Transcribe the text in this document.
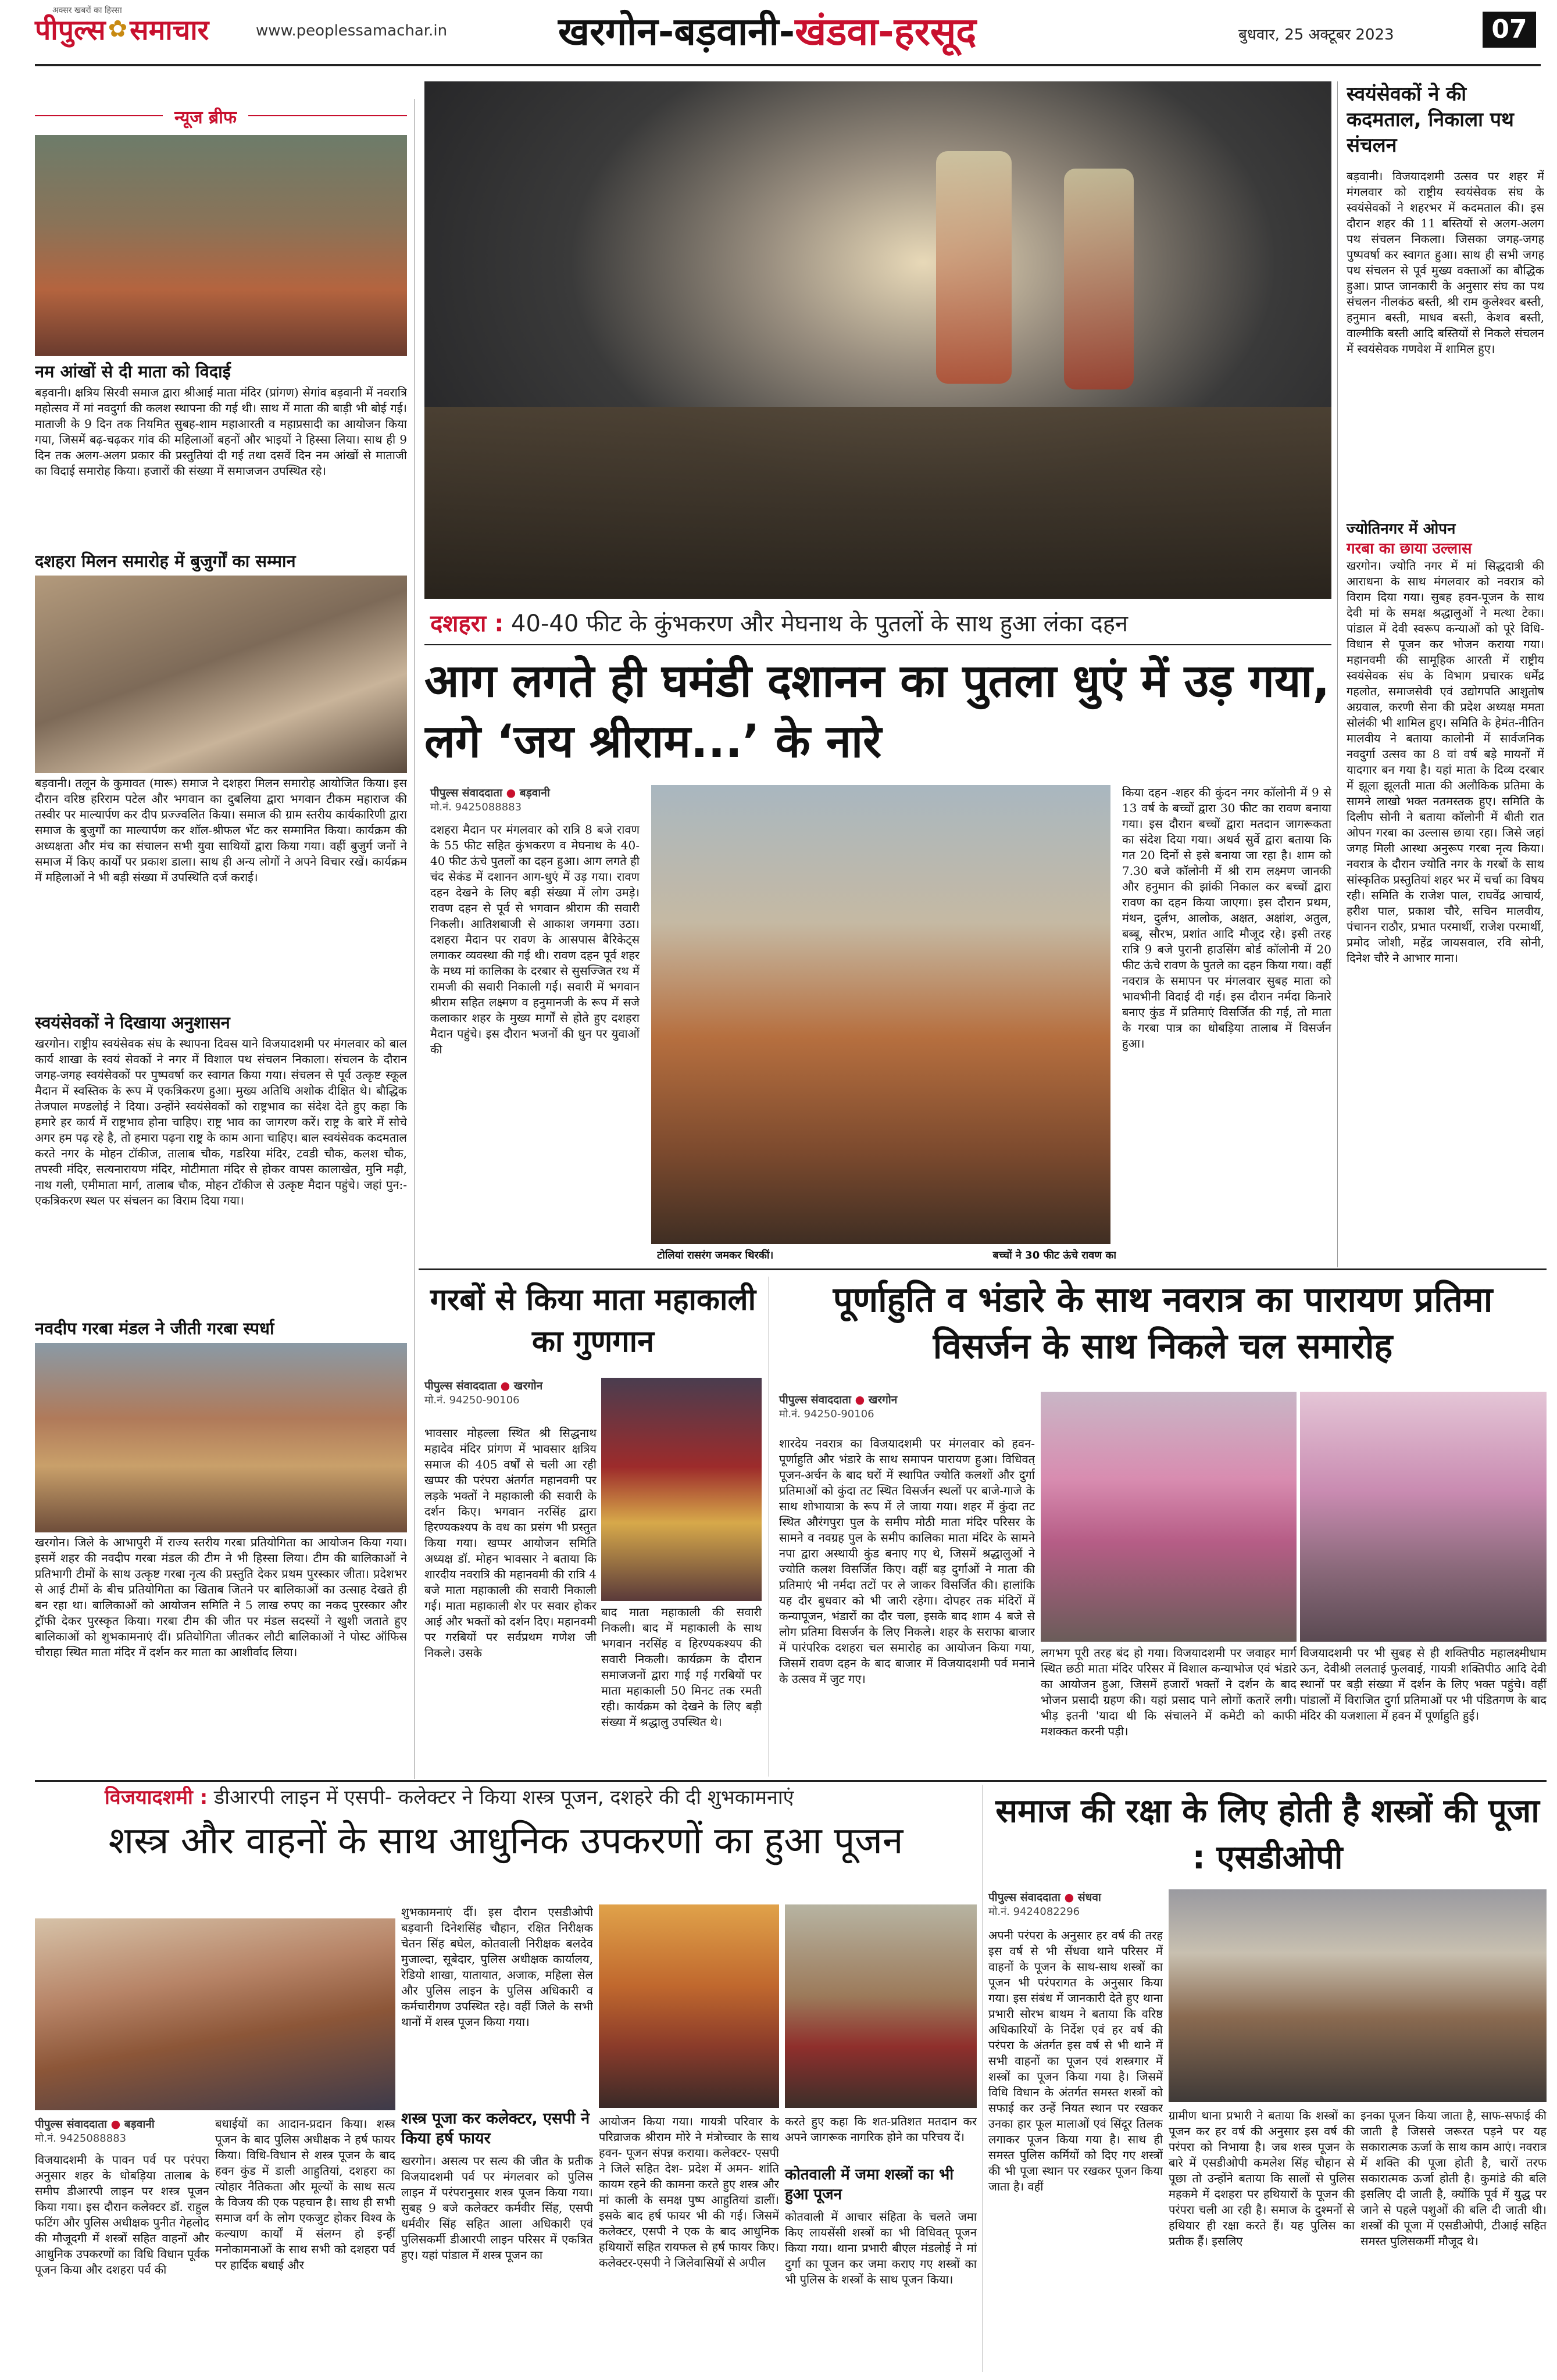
अक्सर खबरों का हिस्सा
पीपुल्स ✿ समाचार	www.peoplessamachar.in	खरगोन-बड़वानी-खंडवा-हरसूद	बुधवार, 25 अक्टूबर 2023	07
न्यूज ब्रीफ
नम आंखों से दी माता को विदाई
बड़वानी। क्षत्रिय सिरवी समाज द्वारा श्रीआई माता मंदिर (प्रांगण) सेगांव बड़वानी में नवरात्रि महोत्सव में मां नवदुर्गा की कलश स्थापना की गई थी। साथ में माता की बाड़ी भी बोई गई। माताजी के 9 दिन तक नियमित सुबह-शाम महाआरती व महाप्रसादी का आयोजन किया गया, जिसमें बढ़-चढ़कर गांव की महिलाओं बहनों और भाइयों ने हिस्सा लिया। साथ ही 9 दिन तक अलग-अलग प्रकार की प्रस्तुतियां दी गई तथा दसवें दिन नम आंखों से माताजी का विदाई समारोह किया। हजारों की संख्या में समाजजन उपस्थित रहे।
दशहरा मिलन समारोह में बुजुर्गों का सम्मान
बड़वानी। तलून के कुमावत (मारू) समाज ने दशहरा मिलन समारोह आयोजित किया। इस दौरान वरिष्ठ हरिराम पटेल और भगवान का दुबलिया द्वारा भगवान टीकम महाराज की तस्वीर पर माल्यार्पण कर दीप प्रज्ज्वलित किया। समाज की ग्राम स्तरीय कार्यकारिणी द्वारा समाज के बुजुर्गों का माल्यार्पण कर शॉल-श्रीफल भेंट कर सम्मानित किया। कार्यक्रम की अध्यक्षता और मंच का संचालन सभी युवा साथियों द्वारा किया गया। वहीं बुजुर्ग जनों ने समाज में किए कार्यों पर प्रकाश डाला। साथ ही अन्य लोगों ने अपने विचार रखें। कार्यक्रम में महिलाओं ने भी बड़ी संख्या में उपस्थिति दर्ज कराई।
स्वयंसेवकों ने दिखाया अनुशासन
खरगोन। राष्ट्रीय स्वयंसेवक संघ के स्थापना दिवस याने विजयादशमी पर मंगलवार को बाल कार्य शाखा के स्वयं सेवकों ने नगर में विशाल पथ संचलन निकाला। संचलन के दौरान जगह-जगह स्वयंसेवकों पर पुष्पवर्षा कर स्वागत किया गया। संचलन से पूर्व उत्कृष्ट स्कूल मैदान में स्वस्तिक के रूप में एकत्रिकरण हुआ। मुख्य अतिथि अशोक दीक्षित थे। बौद्धिक तेजपाल मण्डलोई ने दिया। उन्होंने स्वयंसेवकों को राष्ट्रभाव का संदेश देते हुए कहा कि हमारे हर कार्य में राष्ट्रभाव होना चाहिए। राष्ट्र भाव का जागरण करें। राष्ट्र के बारे में सोचे अगर हम पढ़ रहे है, तो हमारा पढ़ना राष्ट्र के काम आना चाहिए। बाल स्वयंसेवक कदमताल करते नगर के मोहन टॉकीज, तालाब चौक, गडरिया मंदिर, टवडी चौक, कलश चौक, तपस्वी मंदिर, सत्यनारायण मंदिर, मोटीमाता मंदिर से होकर वापस कालाखेत, मुनि मढ़ी, नाथ गली, एमीमाता मार्ग, तालाब चौक, मोहन टॉकीज से उत्कृष्ट मैदान पहुंचे। जहां पुन:-एकत्रिकरण स्थल पर संचलन का विराम दिया गया।
नवदीप गरबा मंडल ने जीती गरबा स्पर्धा
खरगोन। जिले के आभापुरी में राज्य स्तरीय गरबा प्रतियोगिता का आयोजन किया गया। इसमें शहर की नवदीप गरबा मंडल की टीम ने भी हिस्सा लिया। टीम की बालिकाओं ने प्रतिभागी टीमों के साथ उत्कृष्ट गरबा नृत्य की प्रस्तुति देकर प्रथम पुरस्कार जीता। प्रदेशभर से आई टीमों के बीच प्रतियोगिता का खिताब जितने पर बालिकाओं का उत्साह देखते ही बन रहा था। बालिकाओं को आयोजन समिति ने 5 लाख रुपए का नकद पुरस्कार और ट्रॉफी देकर पुरस्कृत किया। गरबा टीम की जीत पर मंडल सदस्यों ने खुशी जताते हुए बालिकाओं को शुभकामनाएं दीं। प्रतियोगिता जीतकर लौटी बालिकाओं ने पोस्ट ऑफिस चौराहा स्थित माता मंदिर में दर्शन कर माता का आशीर्वाद लिया।
दशहरा : 40-40 फीट के कुंभकरण और मेघनाथ के पुतलों के साथ हुआ लंका दहन
आग लगते ही घमंडी दशानन का पुतला धुएं में उड़ गया, लगे ‘जय श्रीराम...’ के नारे
पीपुल्स संवाददाता ● बड़वानी
मो.नं. 9425088883
दशहरा मैदान पर मंगलवार को रात्रि 8 बजे रावण के 55 फीट सहित कुंभकरण व मेघनाथ के 40-40 फीट ऊंचे पुतलों का दहन हुआ। आग लगते ही चंद सेकंड में दशानन आग-धुएं में उड़ गया। रावण दहन देखने के लिए बड़ी संख्या में लोग उमड़े। रावण दहन से पूर्व से भगवान श्रीराम की सवारी निकली। आतिशबाजी से आकाश जगमगा उठा। दशहरा मैदान पर रावण के आसपास बैरिकेट्स लगाकर व्यवस्था की गई थी। रावण दहन पूर्व शहर के मध्य मां कालिका के दरबार से सुसज्जित रथ में रामजी की सवारी निकाली गई। सवारी में भगवान श्रीराम सहित लक्ष्मण व हनुमानजी के रूप में सजे कलाकार शहर के मुख्य मार्गों से होते हुए दशहरा मैदान पहुंचे। इस दौरान भजनों की धुन पर युवाओं की
टोलियां रासरंग जमकर थिरकीं।	बच्चों ने 30 फीट ऊंचे रावण का
किया दहन -शहर की कुंदन नगर कॉलोनी में 9 से 13 वर्ष के बच्चों द्वारा 30 फीट का रावण बनाया गया। इस दौरान बच्चों द्वारा मतदान जागरूकता का संदेश दिया गया। अथर्व सुर्वे द्वारा बताया कि गत 20 दिनों से इसे बनाया जा रहा है। शाम को 7.30 बजे कॉलोनी में श्री राम लक्ष्मण जानकी और हनुमान की झांकी निकाल कर बच्चों द्वारा रावण का दहन किया जाएगा। इस दौरान प्रथम, मंथन, दुर्लभ, आलोक, अक्षत, अक्षांश, अतुल, बब्बू, सौरभ, प्रशांत आदि मौजूद रहे। इसी तरह रात्रि 9 बजे पुरानी हाउसिंग बोर्ड कॉलोनी में 20 फीट ऊंचे रावण के पुतले का दहन किया गया। वहीं नवरात्र के समापन पर मंगलवार सुबह माता को भावभीनी विदाई दी गई। इस दौरान नर्मदा किनारे बनाए कुंड में प्रतिमाएं विसर्जित की गई, तो माता के गरबा पात्र का धोबड़िया तालाब में विसर्जन हुआ।
स्वयंसेवकों ने की कदमताल, निकाला पथ संचलन
बड़वानी। विजयादशमी उत्सव पर शहर में मंगलवार को राष्ट्रीय स्वयंसेवक संघ के स्वयंसेवकों ने शहरभर में कदमताल की। इस दौरान शहर की 11 बस्तियों से अलग-अलग पथ संचलन निकला। जिसका जगह-जगह पुष्पवर्षा कर स्वागत हुआ। साथ ही सभी जगह पथ संचलन से पूर्व मुख्य वक्ताओं का बौद्धिक हुआ। प्राप्त जानकारी के अनुसार संघ का पथ संचलन नीलकंठ बस्ती, श्री राम कुलेश्वर बस्ती, हनुमान बस्ती, माधव बस्ती, केशव बस्ती, वाल्मीकि बस्ती आदि बस्तियों से निकले संचलन में स्वयंसेवक गणवेश में शामिल हुए।
ज्योतिनगर में ओपन
गरबा का छाया उल्लास
खरगोन। ज्योति नगर में मां सिद्धदात्री की आराधना के साथ मंगलवार को नवरात्र को विराम दिया गया। सुबह हवन-पूजन के साथ देवी मां के समक्ष श्रद्धालुओं ने मत्था टेका। पांडाल में देवी स्वरूप कन्याओं को पूरे विधि-विधान से पूजन कर भोजन कराया गया। महानवमी की सामूहिक आरती में राष्ट्रीय स्वयंसेवक संघ के विभाग प्रचारक धर्मेंद्र गहलोत, समाजसेवी एवं उद्योगपति आशुतोष अग्रवाल, करणी सेना की प्रदेश अध्यक्ष ममता सोलंकी भी शामिल हुए। समिति के हेमंत-नीतिन मालवीय ने बताया कालोनी में सार्वजनिक नवदुर्गा उत्सव का 8 वां वर्ष बड़े मायनों में यादगार बन गया है। यहां माता के दिव्य दरबार में झूला झूलती माता की अलौकिक प्रतिमा के सामने लाखो भक्त नतमस्तक हुए। समिति के दिलीप सोनी ने बताया कॉलोनी में बीती रात ओपन गरबा का उल्लास छाया रहा। जिसे जहां जगह मिली आस्था अनुरूप गरबा नृत्य किया। नवरात्र के दौरान ज्योति नगर के गरबों के साथ सांस्कृतिक प्रस्तुतियां शहर भर में चर्चा का विषय रही। समिति के राजेश पाल, राघवेंद्र आचार्य, हरीश पाल, प्रकाश चौरे, सचिन मालवीय, पंचानन राठौर, प्रभात परमार्थी, राजेश परमार्थी, प्रमोद जोशी, महेंद्र जायसवाल, रवि सोनी, दिनेश चौरे ने आभार माना।
गरबों से किया माता महाकाली का गुणगान
पीपुल्स संवाददाता ● खरगोन
मो.नं. 94250-90106
भावसार मोहल्ला स्थित श्री सिद्धनाथ महादेव मंदिर प्रांगण में भावसार क्षत्रिय समाज की 405 वर्षों से चली आ रही खप्पर की परंपरा अंतर्गत महानवमी पर लड़के भक्तों ने महाकाली की सवारी के दर्शन किए। भगवान नरसिंह द्वारा हिरण्यकश्यप के वध का प्रसंग भी प्रस्तुत किया गया। खप्पर आयोजन समिति अध्यक्ष डॉ. मोहन भावसार ने बताया कि शारदीय नवरात्रि की महानवमी की रात्रि 4 बजे माता महाकाली की सवारी निकाली गई। माता महाकाली शेर पर सवार होकर आई और भक्तों को दर्शन दिए। महानवमी पर गरबियों पर सर्वप्रथम गणेश जी निकले। उसके
बाद माता महाकाली की सवारी निकली। बाद में महाकाली के साथ भगवान नरसिंह व हिरण्यकश्यप की सवारी निकली। कार्यक्रम के दौरान समाजजनों द्वारा गाई गई गरबियों पर माता महाकाली 50 मिनट तक रमती रही। कार्यक्रम को देखने के लिए बड़ी संख्या में श्रद्धालु उपस्थित थे।
पूर्णाहुति व भंडारे के साथ नवरात्र का पारायण प्रतिमा विसर्जन के साथ निकले चल समारोह
पीपुल्स संवाददाता ● खरगोन
मो.नं. 94250-90106
शारदेय नवरात्र का विजयादशमी पर मंगलवार को हवन-पूर्णाहुति और भंडारे के साथ समापन पारायण हुआ। विधिवत् पूजन-अर्चन के बाद घरों में स्थापित ज्योति कलशों और दुर्गा प्रतिमाओं को कुंदा तट स्थित विसर्जन स्थलों पर बाजे-गाजे के साथ शोभायात्रा के रूप में ले जाया गया। शहर में कुंदा तट स्थित औरंगपुरा पुल के समीप मोठी माता मंदिर परिसर के सामने व नवग्रह पुल के समीप कालिका माता मंदिर के सामने नपा द्वारा अस्थायी कुंड बनाए गए थे, जिसमें श्रद्धालुओं ने ज्योति कलश विसर्जित किए। वहीं बड़ दुर्गाओं ने माता की प्रतिमाएं भी नर्मदा तटों पर ले जाकर विसर्जित की। हालांकि यह दौर बुधवार को भी जारी रहेगा। दोपहर तक मंदिरों में कन्यापूजन, भंडारों का दौर चला, इसके बाद शाम 4 बजे से लोग प्रतिमा विसर्जन के लिए निकले। शहर के सराफा बाजार में पारंपरिक दशहरा चल समारोह का आयोजन किया गया, जिसमें रावण दहन के बाद बाजार में विजयादशमी पर्व मनाने के उत्सव में जुट गए।
लगभग पूरी तरह बंद हो गया। विजयादशमी पर जवाहर मार्ग स्थित छठी माता मंदिर परिसर में विशाल कन्याभोज एवं भंडारे का आयोजन हुआ, जिसमें हजारों भक्तों ने दर्शन के बाद भोजन प्रसादी ग्रहण की। यहां प्रसाद पाने लोगों कतारें लगी। भीड़ इतनी 'यादा थी कि संचालने में कमेटी को काफी मशक्कत करनी पड़ी।
विजयादशमी पर भी सुबह से ही शक्तिपीठ महालक्ष्मीधाम ऊन, देवीश्री ललताई फुलवाई, गायत्री शक्तिपीठ आदि देवी स्थानों पर बड़ी संख्या में दर्शन के लिए भक्त पहुंचे। वहीं पांडालों में विराजित दुर्गा प्रतिमाओं पर भी पंडितगण के बाद मंदिर की यजशाला में हवन में पूर्णाहुति हुई।
विजयादशमी : डीआरपी लाइन में एसपी- कलेक्टर ने किया शस्त्र पूजन, दशहरे की दी शुभकामनाएं
शस्त्र और वाहनों के साथ आधुनिक उपकरणों का हुआ पूजन
पीपुल्स संवाददाता ● बड़वानी
मो.नं. 9425088883
विजयादशमी के पावन पर्व पर परंपरा अनुसार शहर के धोबड़िया तालाब के समीप डीआरपी लाइन पर शस्त्र पूजन किया गया। इस दौरान कलेक्टर डॉ. राहुल फटिंग और पुलिस अधीक्षक पुनीत गेहलोद की मौजूदगी में शस्त्रों सहित वाहनों और आधुनिक उपकरणों का विधि विधान पूर्वक पूजन किया और दशहरा पर्व की
बधाईयों का आदान-प्रदान किया। शस्त्र पूजन के बाद पुलिस अधीक्षक ने हर्ष फायर किया। विधि-विधान से शस्त्र पूजन के बाद हवन कुंड में डाली आहुतियां, दशहरा का त्योहार नैतिकता और मूल्यों के साथ सत्य के विजय की एक पहचान है। साथ ही सभी समाज वर्ग के लोग एकजुट होकर विश्व के कल्याण कार्यों में संलग्न हो इन्हीं मनोकामनाओं के साथ सभी को दशहरा पर्व पर हार्दिक बधाई और
शुभकामनाएं दीं। इस दौरान एसडीओपी बड़वानी दिनेशसिंह चौहान, रक्षित निरीक्षक चेतन सिंह बघेल, कोतवाली निरीक्षक बलदेव मुजाल्दा, सूबेदार, पुलिस अधीक्षक कार्यालय, रेडियो शाखा, यातायात, अजाक, महिला सेल और पुलिस लाइन के पुलिस अधिकारी व कर्मचारीगण उपस्थित रहे। वहीं जिले के सभी थानों में शस्त्र पूजन किया गया।
शस्त्र पूजा कर कलेक्टर, एसपी ने किया हर्ष फायर
खरगोन। असत्य पर सत्य की जीत के प्रतीक विजयादशमी पर्व पर मंगलवार को पुलिस लाइन में परंपरानुसार शस्त्र पूजन किया गया। सुबह 9 बजे कलेक्टर कर्मवीर सिंह, एसपी धर्मवीर सिंह सहित आला अधिकारी एवं पुलिसकर्मी डीआरपी लाइन परिसर में एकत्रित हुए। यहां पांडाल में शस्त्र पूजन का
आयोजन किया गया। गायत्री परिवार के परिव्राजक श्रीराम मोरे ने मंत्रोच्चार के साथ हवन- पूजन संपन्न कराया। कलेक्टर- एसपी ने जिले सहित देश- प्रदेश में अमन- शांति कायम रहने की कामना करते हुए शस्त्र और मां काली के समक्ष पुष्प आहुतियां डालीं। इसके बाद हर्ष फायर भी की गई। जिसमें कलेक्टर, एसपी ने एक के बाद आधुनिक हथियारों सहित रायफल से हर्ष फायर किए। कलेक्टर-एसपी ने जिलेवासियों से अपील
करते हुए कहा कि शत-प्रतिशत मतदान कर अपने जागरूक नागरिक होने का परिचय दें।
कोतवाली में जमा शस्त्रों का भी हुआ पूजन
कोतवाली में आचार संहिता के चलते जमा किए लायसेंसी शस्त्रों का भी विधिवत् पूजन किया गया। थाना प्रभारी बीएल मंडलोई ने मां दुर्गा का पूजन कर जमा कराए गए शस्त्रों का भी पुलिस के शस्त्रों के साथ पूजन किया।
समाज की रक्षा के लिए होती है शस्त्रों की पूजा : एसडीओपी
पीपुल्स संवाददाता ● संधवा
मो.नं. 9424082296
अपनी परंपरा के अनुसार हर वर्ष की तरह इस वर्ष से भी सेंधवा थाने परिसर में वाहनों के पूजन के साथ-साथ शस्त्रों का पूजन भी परंपरागत के अनुसार किया गया। इस संबंध में जानकारी देते हुए थाना प्रभारी सोरभ बाथम ने बताया कि वरिष्ठ अधिकारियों के निर्देश एवं हर वर्ष की परंपरा के अंतर्गत इस वर्ष से भी थाने में सभी वाहनों का पूजन एवं शस्त्रगार में शस्त्रों का पूजन किया गया है। जिसमें विधि विधान के अंतर्गत समस्त शस्त्रों को सफाई कर उन्हें नियत स्थान पर रखकर उनका हार फूल मालाओं एवं सिंदूर तिलक लगाकर पूजन किया गया है। साथ ही समस्त पुलिस कर्मियों को दिए गए शस्त्रों की भी पूजा स्थान पर रखकर पूजन किया जाता है। वहीं
ग्रामीण थाना प्रभारी ने बताया कि शस्त्रों का पूजन कर हर वर्ष की अनुसार इस वर्ष की परंपरा को निभाया है। जब शस्त्र पूजन के बारे में एसडीओपी कमलेश सिंह चौहान से पूछा तो उन्होंने बताया कि सालों से पुलिस महकमे में दशहरा पर हथियारों के पूजन की परंपरा चली आ रही है। समाज के दुश्मनों से हथियार ही रक्षा करते हैं। यह पुलिस का प्रतीक हैं। इसलिए
इनका पूजन किया जाता है, साफ-सफाई की जाती है जिससे जरूरत पड़ने पर यह सकारात्मक ऊर्जा के साथ काम आएं। नवरात्र में शक्ति की पूजा होती है, चारों तरफ सकारात्मक ऊर्जा होती है। कुमांडे की बलि इसलिए दी जाती है, क्योंकि पूर्व में युद्ध पर जाने से पहले पशुओं की बलि दी जाती थी। शस्त्रों की पूजा में एसडीओपी, टीआई सहित समस्त पुलिसकर्मी मौजूद थे।
